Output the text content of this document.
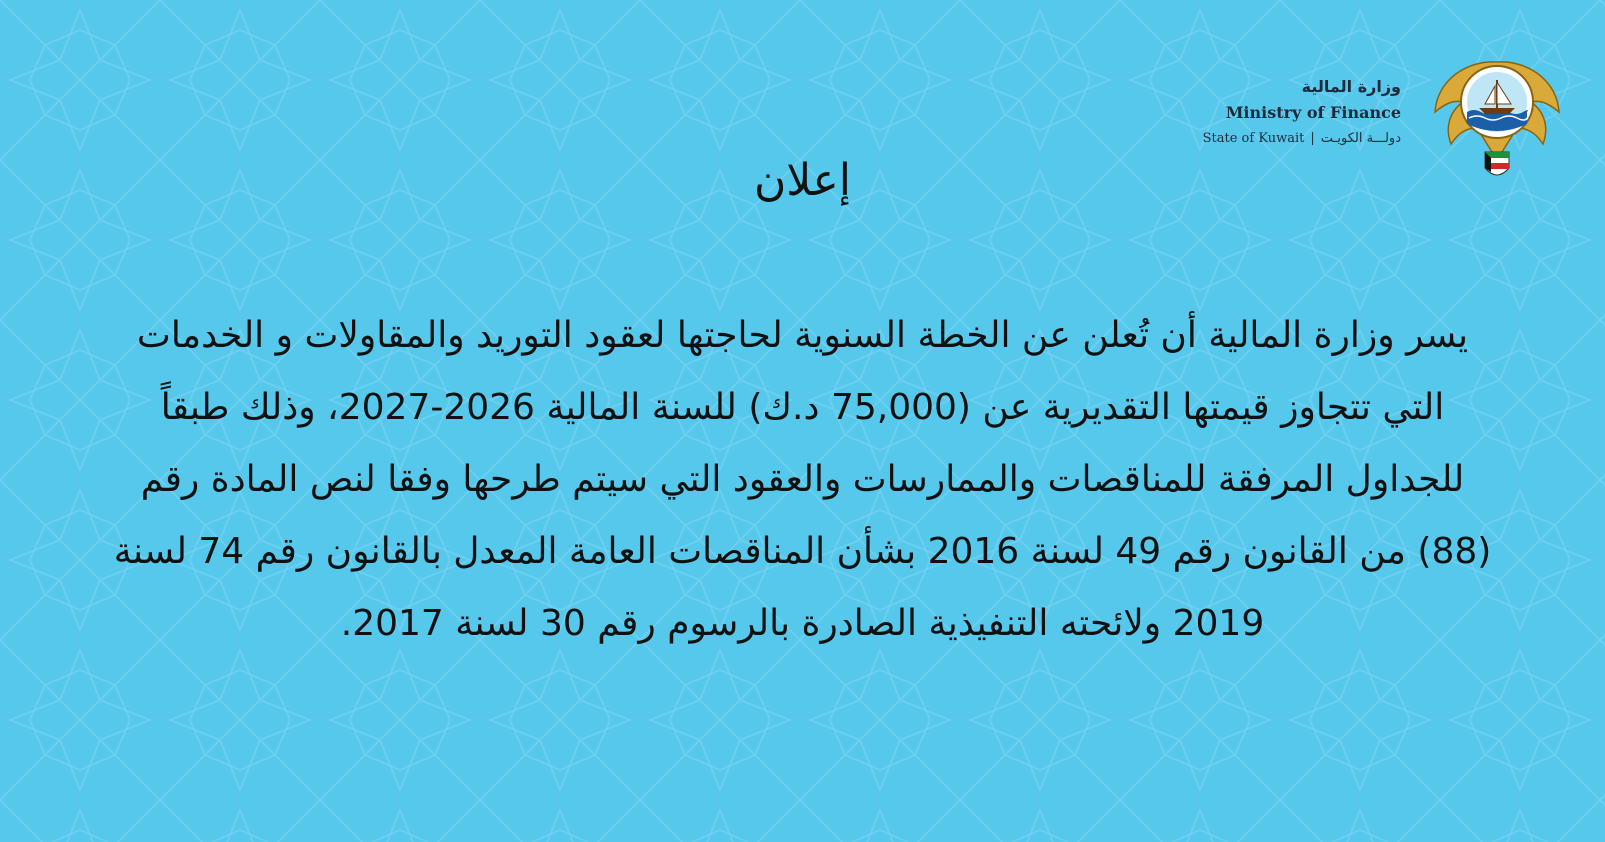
وزارة المالية
Ministry of Finance
State of Kuwait | دولـــة الكويـت
إعلان
يسر وزارة المالية أن تُعلن عن الخطة السنوية لحاجتها لعقود التوريد والمقاولات و الخدمات التي تتجاوز قيمتها التقديرية عن (75,000 د.ك) للسنة المالية 2026-2027، وذلك طبقاً للجداول المرفقة للمناقصات والممارسات والعقود التي سيتم طرحها وفقا لنص المادة رقم (88) من القانون رقم 49 لسنة 2016 بشأن المناقصات العامة المعدل بالقانون رقم 74 لسنة 2019 ولائحته التنفيذية الصادرة بالرسوم رقم 30 لسنة 2017.
